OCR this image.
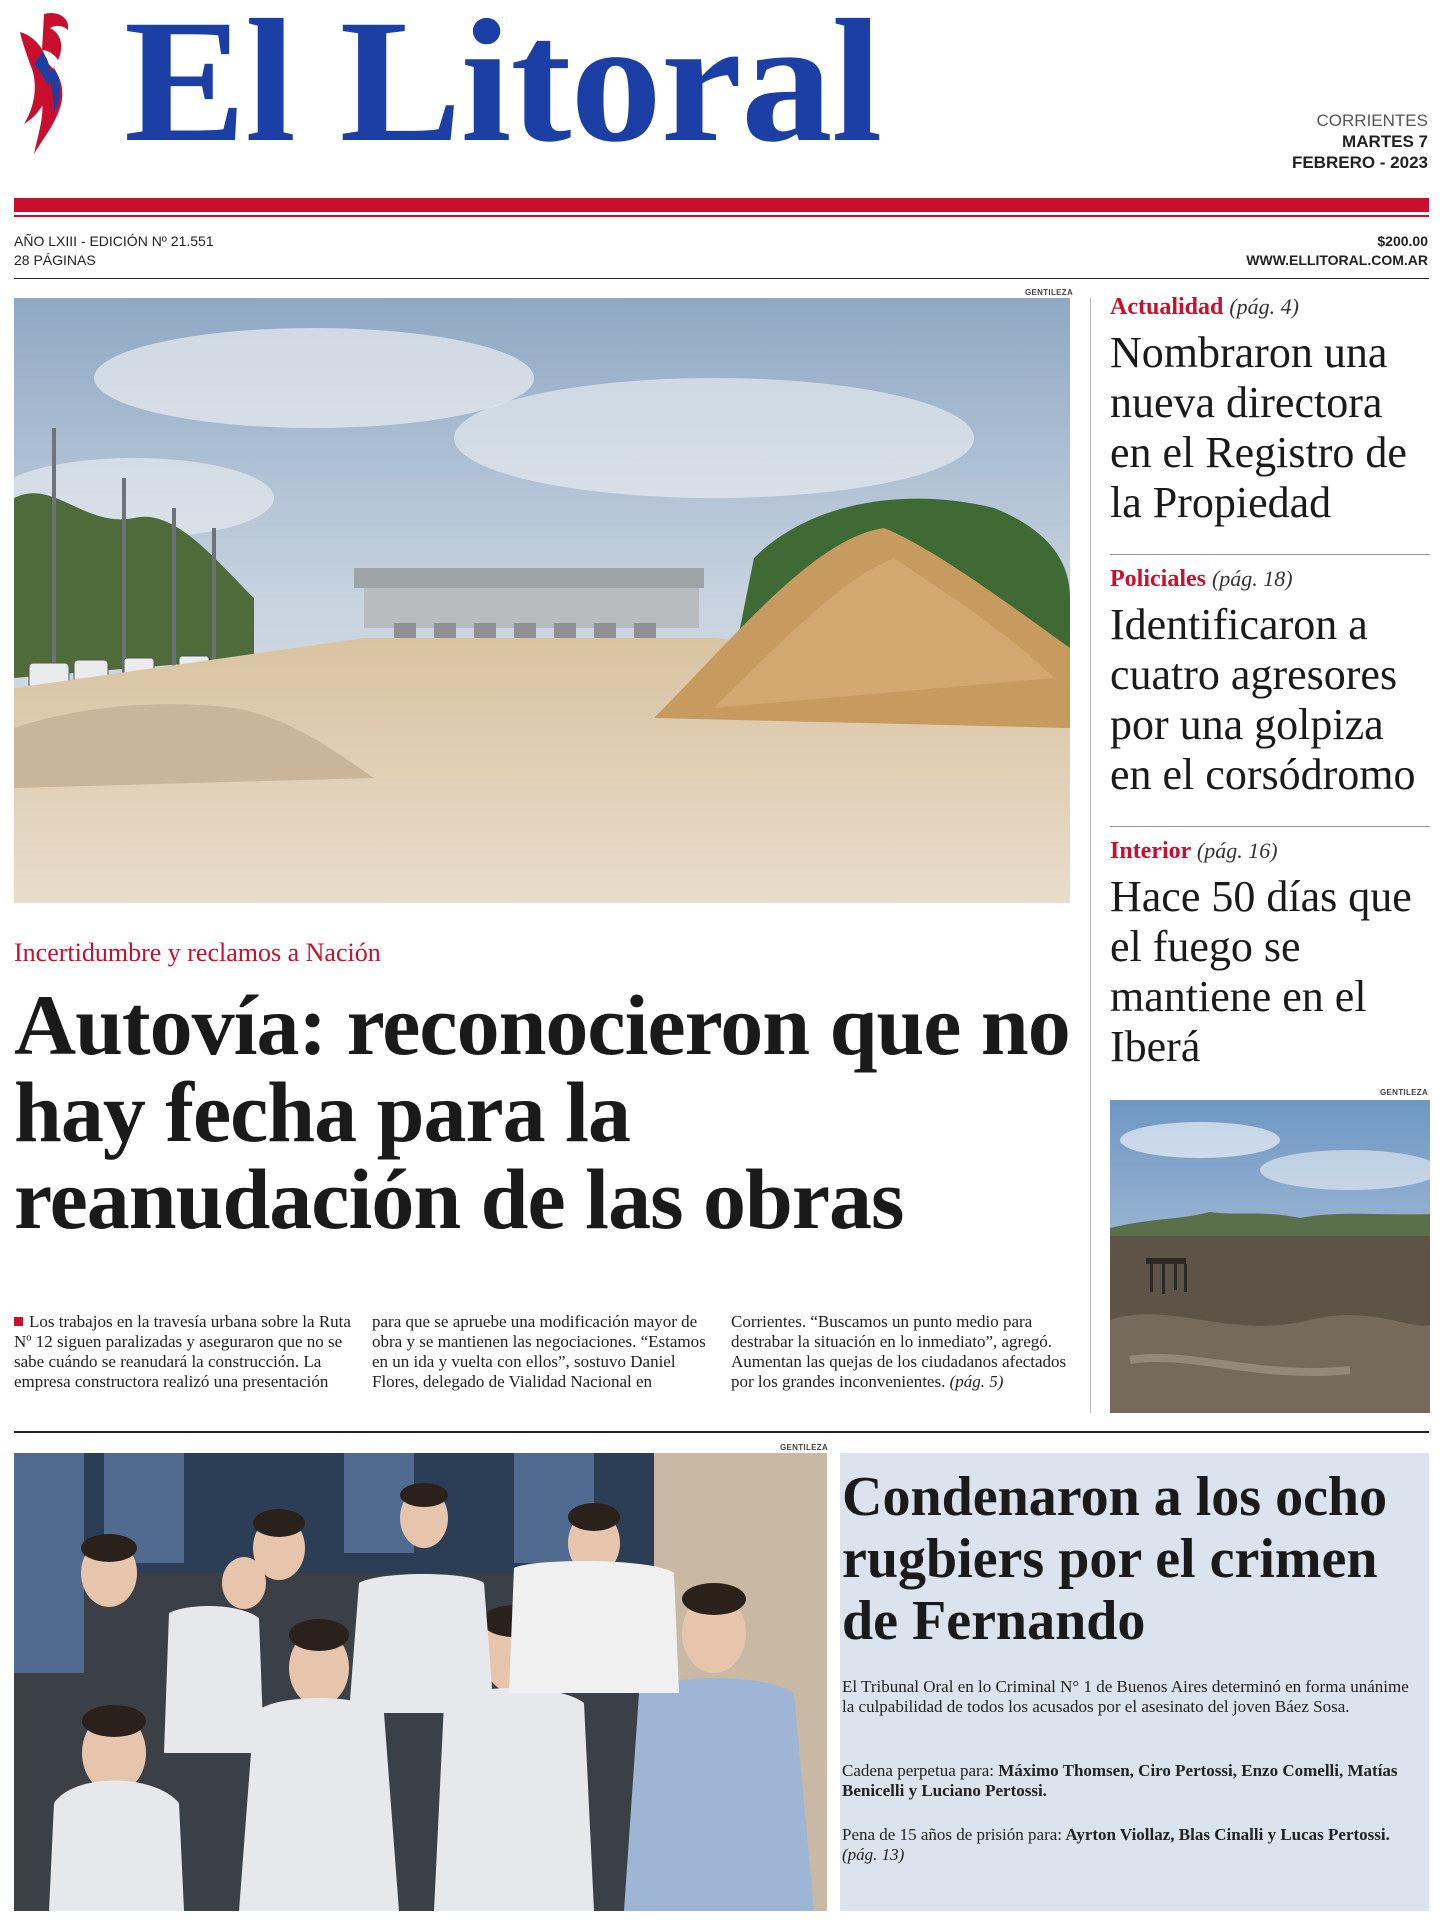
El Litoral	CORRIENTES
MARTES 7
FEBRERO - 2023
AÑO LXIII - EDICIÓN Nº 21.551
28 PÁGINAS
$200.00
WWW.ELLITORAL.COM.AR
GENTILEZA
Incertidumbre y reclamos a Nación
Autovía: reconocieron que no hay fecha para la reanudación de las obras
Los trabajos en la travesía urbana sobre la Ruta Nº 12 siguen paralizadas y aseguraron que no se sabe cuándo se reanudará la construcción. La empresa constructora realizó una presentación
para que se apruebe una modificación mayor de obra y se mantienen las negociaciones. “Estamos en un ida y vuelta con ellos”, sostuvo Daniel Flores, delegado de Vialidad Nacional en
Corrientes. “Buscamos un punto medio para destrabar la situación en lo inmediato”, agregó. Aumentan las quejas de los ciudadanos afectados por los grandes inconvenientes. (pág. 5)
Actualidad (pág. 4)
Nombraron una nueva directora en el Registro de la Propiedad
Policiales (pág. 18)
Identificaron a cuatro agresores por una golpiza en el corsódromo
Interior (pág. 16)
Hace 50 días que el fuego se mantiene en el Iberá
GENTILEZA
GENTILEZA
Condenaron a los ocho rugbiers por el crimen de Fernando
El Tribunal Oral en lo Criminal N° 1 de Buenos Aires determinó en forma unánime la culpabilidad de todos los acusados por el asesinato del joven Báez Sosa.
Cadena perpetua para: Máximo Thomsen, Ciro Pertossi, Enzo Comelli, Matías Benicelli y Luciano Pertossi.
Pena de 15 años de prisión para: Ayrton Viollaz, Blas Cinalli y Lucas Pertossi.
(pág. 13)
